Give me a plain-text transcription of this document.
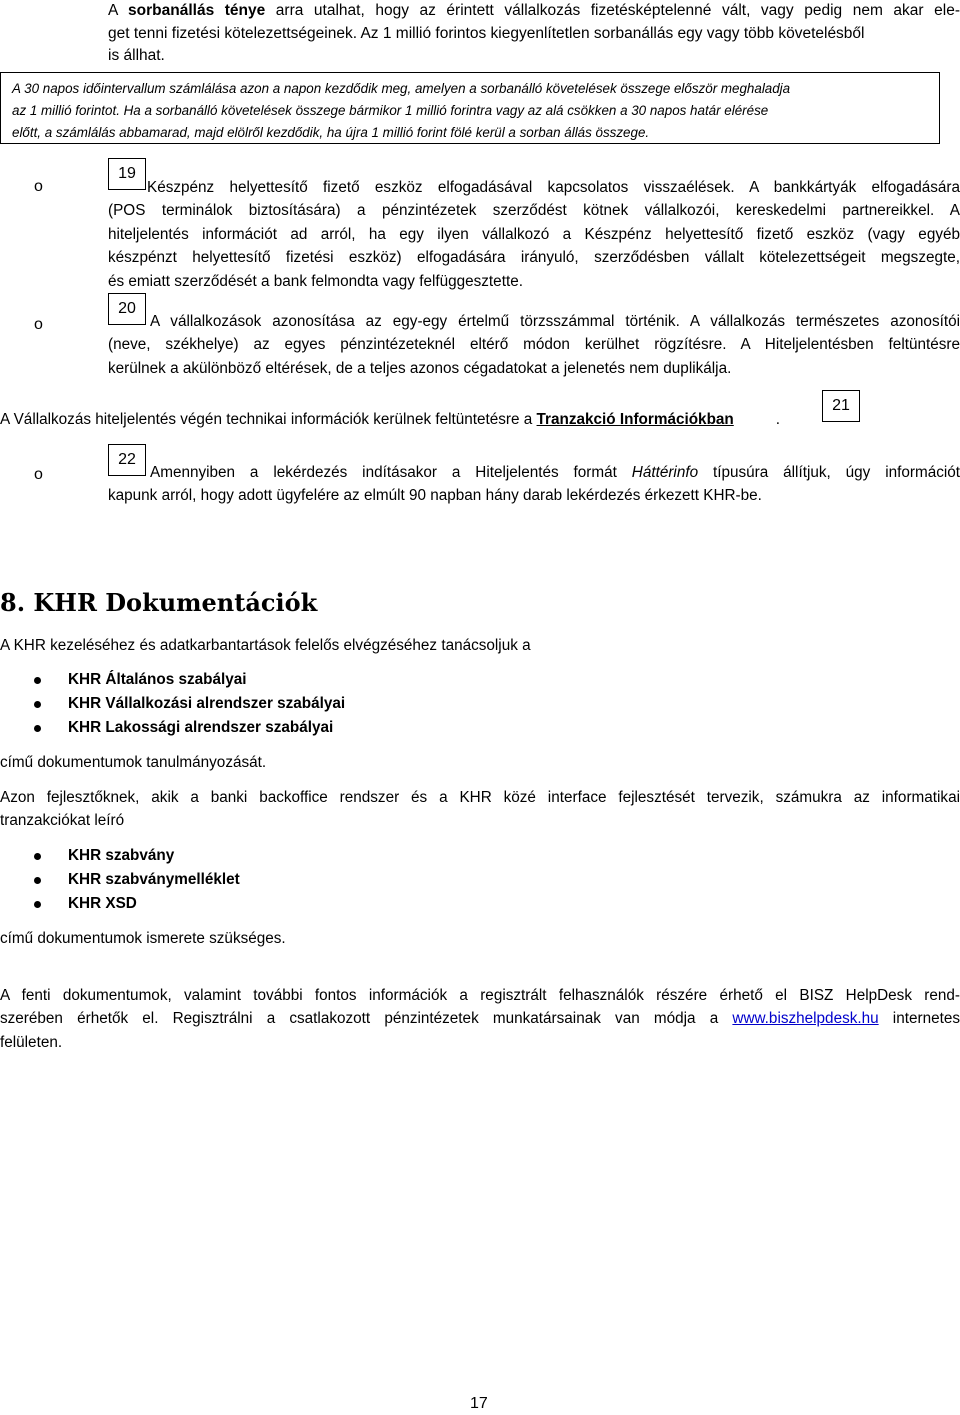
A sorbanállás ténye arra utalhat, hogy az érintett vállalkozás fizetésképtelenné vált, vagy pedig nem akar ele-
get tenni fizetési kötelezettségeinek. Az 1 millió forintos kiegyenlítetlen sorbanállás egy vagy több követelésből
is állhat.
A 30 napos időintervallum számlálása azon a napon kezdődik meg, amelyen a sorbanálló követelések összege először meghaladja
az 1 millió forintot. Ha a sorbanálló követelések összege bármikor 1 millió forintra vagy az alá csökken a 30 napos határ elérése
előtt, a számlálás abbamarad, majd elölről kezdődik, ha újra 1 millió forint fölé kerül a sorban állás összege.
o
19
Készpénz helyettesítő fizető eszköz elfogadásával kapcsolatos visszaélések. A bankkártyák elfogadására
(POS terminálok biztosítására) a pénzintézetek szerződést kötnek vállalkozói, kereskedelmi partnereikkel. A
hiteljelentés információt ad arról, ha egy ilyen vállalkozó a Készpénz helyettesítő fizető eszköz (vagy egyéb
készpénzt helyettesítő fizetési eszköz) elfogadására irányuló, szerződésben vállalt kötelezettségeit megszegte,
és emiatt szerződését a bank felmondta vagy felfüggesztette.
o
20
A vállalkozások azonosítása az egy-egy értelmű törzsszámmal történik. A vállalkozás természetes azonosítói
(neve, székhelye) az egyes pénzintézeteknél eltérő módon kerülhet rögzítésre. A Hiteljelentésben feltüntésre
kerülnek a akülönböző eltérések, de a teljes azonos cégadatokat a jelenetés nem duplikálja.
A Vállalkozás hiteljelentés végén technikai információk kerülnek feltüntetésre a Tranzakció Információkban	.
21
o
22
Amennyiben a lekérdezés indításakor a Hiteljelentés formát Háttérinfo típusúra állítjuk, úgy információt
kapunk arról, hogy adott ügyfelére az elmúlt 90 napban hány darab lekérdezés érkezett KHR-be.
8. KHR Dokumentációk
A KHR kezeléséhez és adatkarbantartások felelős elvégzéséhez tanácsoljuk a
KHR Általános szabályai
KHR Vállalkozási alrendszer szabályai
KHR Lakossági alrendszer szabályai
című dokumentumok tanulmányozását.
Azon fejlesztőknek, akik a banki backoffice rendszer és a KHR közé interface fejlesztését tervezik, számukra az informatikai
tranzakciókat leíró
KHR szabvány
KHR szabványmelléklet
KHR XSD
című dokumentumok ismerete szükséges.
A fenti dokumentumok, valamint további fontos információk a regisztrált felhasználók részére érhető el BISZ HelpDesk rend-
szerében érhetők el. Regisztrálni a csatlakozott pénzintézetek munkatársainak van módja a www.biszhelpdesk.hu internetes
felületen.
17
